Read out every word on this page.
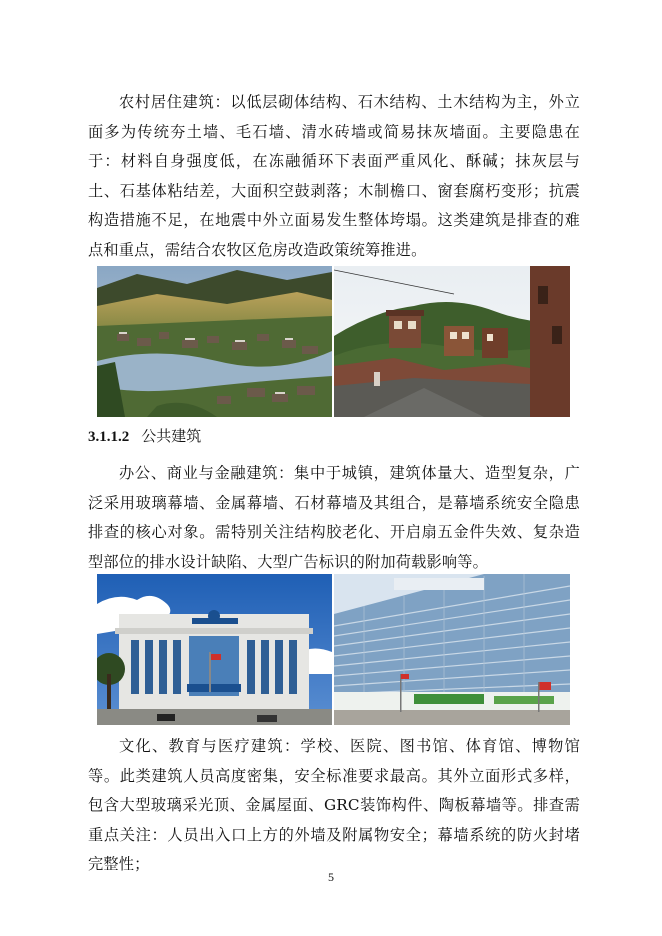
农村居住建筑：以低层砌体结构、石木结构、土木结构为主，外立面多为传统夯土墙、毛石墙、清水砖墙或简易抹灰墙面。主要隐患在于：材料自身强度低，在冻融循环下表面严重风化、酥碱；抹灰层与土、石基体粘结差，大面积空鼓剥落；木制檐口、窗套腐朽变形；抗震构造措施不足，在地震中外立面易发生整体垮塌。这类建筑是排查的难点和重点，需结合农牧区危房改造政策统筹推进。

3.1.1.2 公共建筑

办公、商业与金融建筑：集中于城镇，建筑体量大、造型复杂，广泛采用玻璃幕墙、金属幕墙、石材幕墙及其组合，是幕墙系统安全隐患排查的核心对象。需特别关注结构胶老化、开启扇五金件失效、复杂造型部位的排水设计缺陷、大型广告标识的附加荷载影响等。

文化、教育与医疗建筑：学校、医院、图书馆、体育馆、博物馆等。此类建筑人员高度密集，安全标准要求最高。其外立面形式多样，包含大型玻璃采光顶、金属屋面、GRC装饰构件、陶板幕墙等。排查需重点关注：人员出入口上方的外墙及附属物安全；幕墙系统的防火封堵完整性；

5
